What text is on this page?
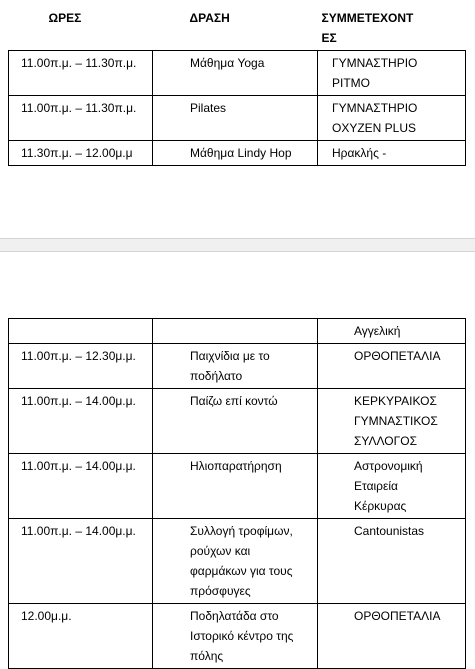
ΩΡΕΣ	ΔΡΑΣΗ	ΣΥΜΜΕΤΕΧΟΝΤ
ΕΣ
11.00π.μ. – 11.30π.μ.	Μάθημα Yoga	ΓΥΜΝΑΣΤΗΡΙΟ
ΡΙΤΜΟ
11.00π.μ. – 11.30π.μ.	Pilates	ΓΥΜΝΑΣΤΗΡΙΟ
OXYZEN PLUS
11.30π.μ. – 12.00μ.μ	Μάθημα Lindy Hop	Ηρακλής -
		Αγγελική
11.00π.μ. – 12.30μ.μ.	Παιχνίδια με το
ποδήλατο	ΟΡΘΟΠΕΤΑΛΙΑ
11.00π.μ. – 14.00μ.μ.	Παίζω επί κοντώ	ΚΕΡΚΥΡΑΙΚΟΣ
ΓΥΜΝΑΣΤΙΚΟΣ
ΣΥΛΛΟΓΟΣ
11.00π.μ. – 14.00μ.μ.	Ηλιοπαρατήρηση	Αστρονομική
Εταιρεία
Κέρκυρας
11.00π.μ. – 14.00μ.μ.	Συλλογή τροφίμων,
ρούχων και
φαρμάκων για τους
πρόσφυγες	Cantounistas
12.00μ.μ.	Ποδηλατάδα στο
Ιστορικό κέντρο της
πόλης	ΟΡΘΟΠΕΤΑΛΙΑ
